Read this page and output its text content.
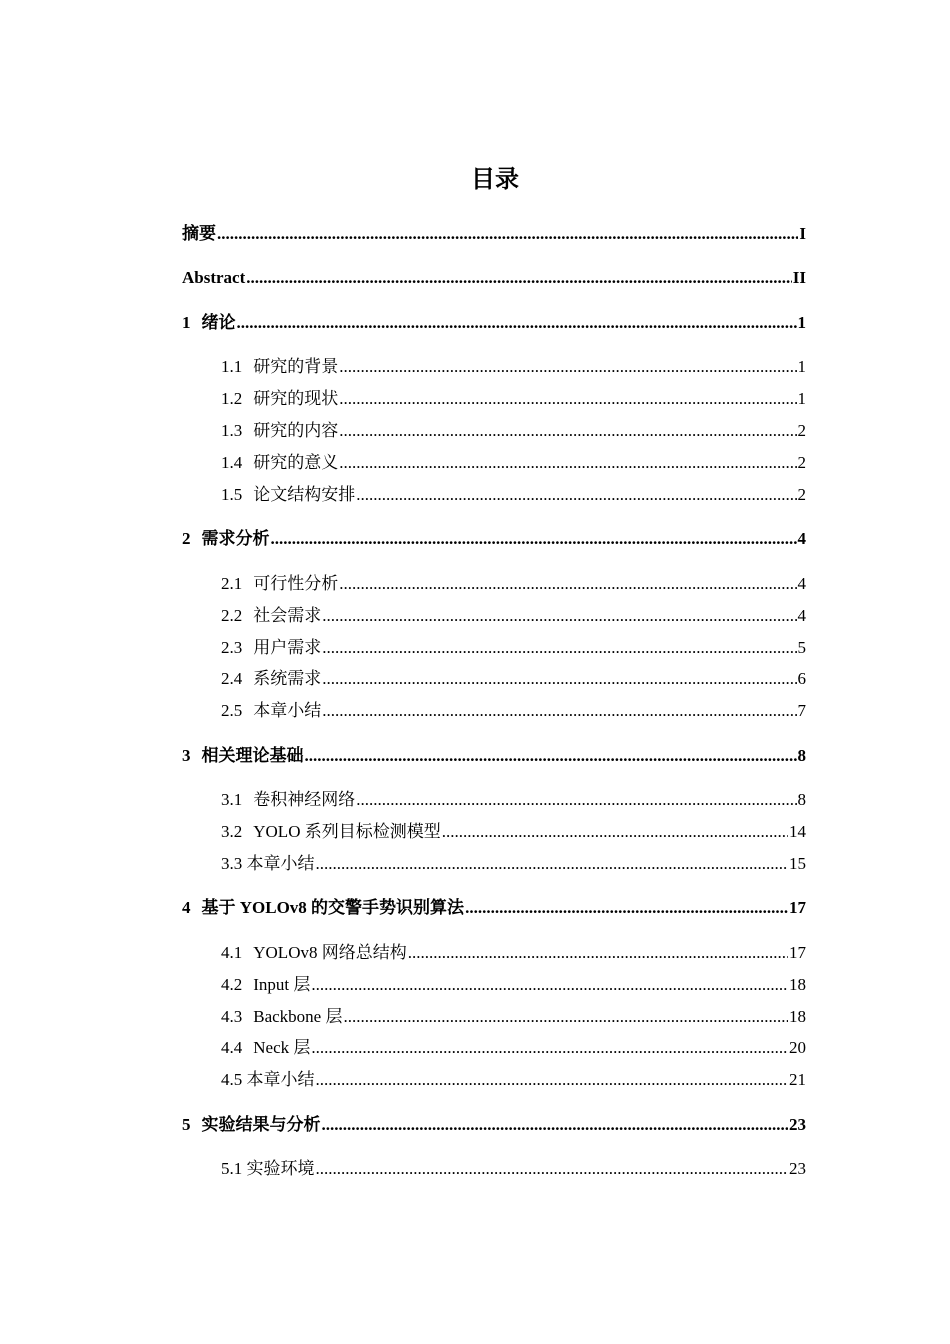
目录
摘要 .....	I
Abstract .....	II
1 绪论 .....	1
1.1 研究的背景 .....	1
1.2 研究的现状 .....	1
1.3 研究的内容 .....	2
1.4 研究的意义 .....	2
1.5 论文结构安排 .....	2
2 需求分析 .....	4
2.1 可行性分析 .....	4
2.2 社会需求 .....	4
2.3 用户需求 .....	5
2.4 系统需求 .....	6
2.5 本章小结 .....	7
3 相关理论基础 .....	8
3.1 卷积神经网络 .....	8
3.2 YOLO 系列目标检测模型 .....	14
3.3 本章小结 .....	15
4 基于 YOLOv8 的交警手势识别算法 .....	17
4.1 YOLOv8 网络总结构 .....	17
4.2 Input 层 .....	18
4.3 Backbone 层 .....	18
4.4 Neck 层 .....	20
4.5 本章小结 .....	21
5 实验结果与分析 .....	23
5.1 实验环境 .....	23
